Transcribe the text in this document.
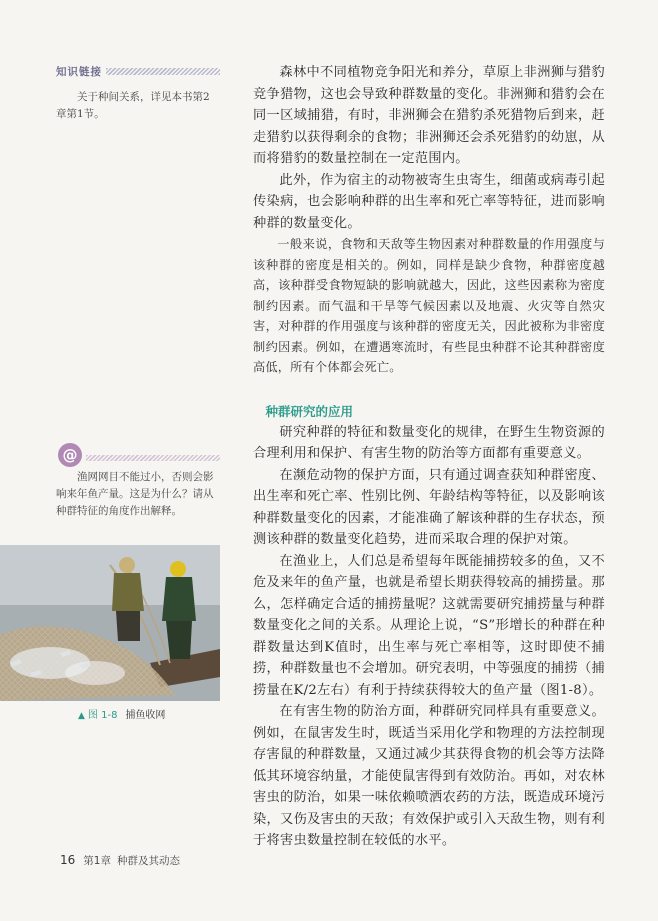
知识链接

关于种间关系，详见本书第2章第1节。

@

渔网网目不能过小，否则会影响来年鱼产量。这是为什么？请从种群特征的角度作出解释。

▲ 图 1-8 捕鱼收网

森林中不同植物竞争阳光和养分，草原上非洲狮与猎豹竞争猎物，这也会导致种群数量的变化。非洲狮和猎豹会在同一区域捕猎，有时，非洲狮会在猎豹杀死猎物后到来，赶走猎豹以获得剩余的食物；非洲狮还会杀死猎豹的幼崽，从而将猎豹的数量控制在一定范围内。

此外，作为宿主的动物被寄生虫寄生，细菌或病毒引起传染病，也会影响种群的出生率和死亡率等特征，进而影响种群的数量变化。

一般来说，食物和天敌等生物因素对种群数量的作用强度与该种群的密度是相关的。例如，同样是缺少食物，种群密度越高，该种群受食物短缺的影响就越大，因此，这些因素称为密度制约因素。而气温和干旱等气候因素以及地震、火灾等自然灾害，对种群的作用强度与该种群的密度无关，因此被称为非密度制约因素。例如，在遭遇寒流时，有些昆虫种群不论其种群密度高低，所有个体都会死亡。

种群研究的应用

研究种群的特征和数量变化的规律，在野生生物资源的合理利用和保护、有害生物的防治等方面都有重要意义。

在濒危动物的保护方面，只有通过调查获知种群密度、出生率和死亡率、性别比例、年龄结构等特征，以及影响该种群数量变化的因素，才能准确了解该种群的生存状态，预测该种群的数量变化趋势，进而采取合理的保护对策。

在渔业上，人们总是希望每年既能捕捞较多的鱼，又不危及来年的鱼产量，也就是希望长期获得较高的捕捞量。那么，怎样确定合适的捕捞量呢？这就需要研究捕捞量与种群数量变化之间的关系。从理论上说，“S”形增长的种群在种群数量达到K值时，出生率与死亡率相等，这时即使不捕捞，种群数量也不会增加。研究表明，中等强度的捕捞（捕捞量在K/2左右）有利于持续获得较大的鱼产量（图1-8）。

在有害生物的防治方面，种群研究同样具有重要意义。例如，在鼠害发生时，既适当采用化学和物理的方法控制现存害鼠的种群数量，又通过减少其获得食物的机会等方法降低其环境容纳量，才能使鼠害得到有效防治。再如，对农林害虫的防治，如果一味依赖喷洒农药的方法，既造成环境污染，又伤及害虫的天敌；有效保护或引入天敌生物，则有利于将害虫数量控制在较低的水平。

16 第1章 种群及其动态
